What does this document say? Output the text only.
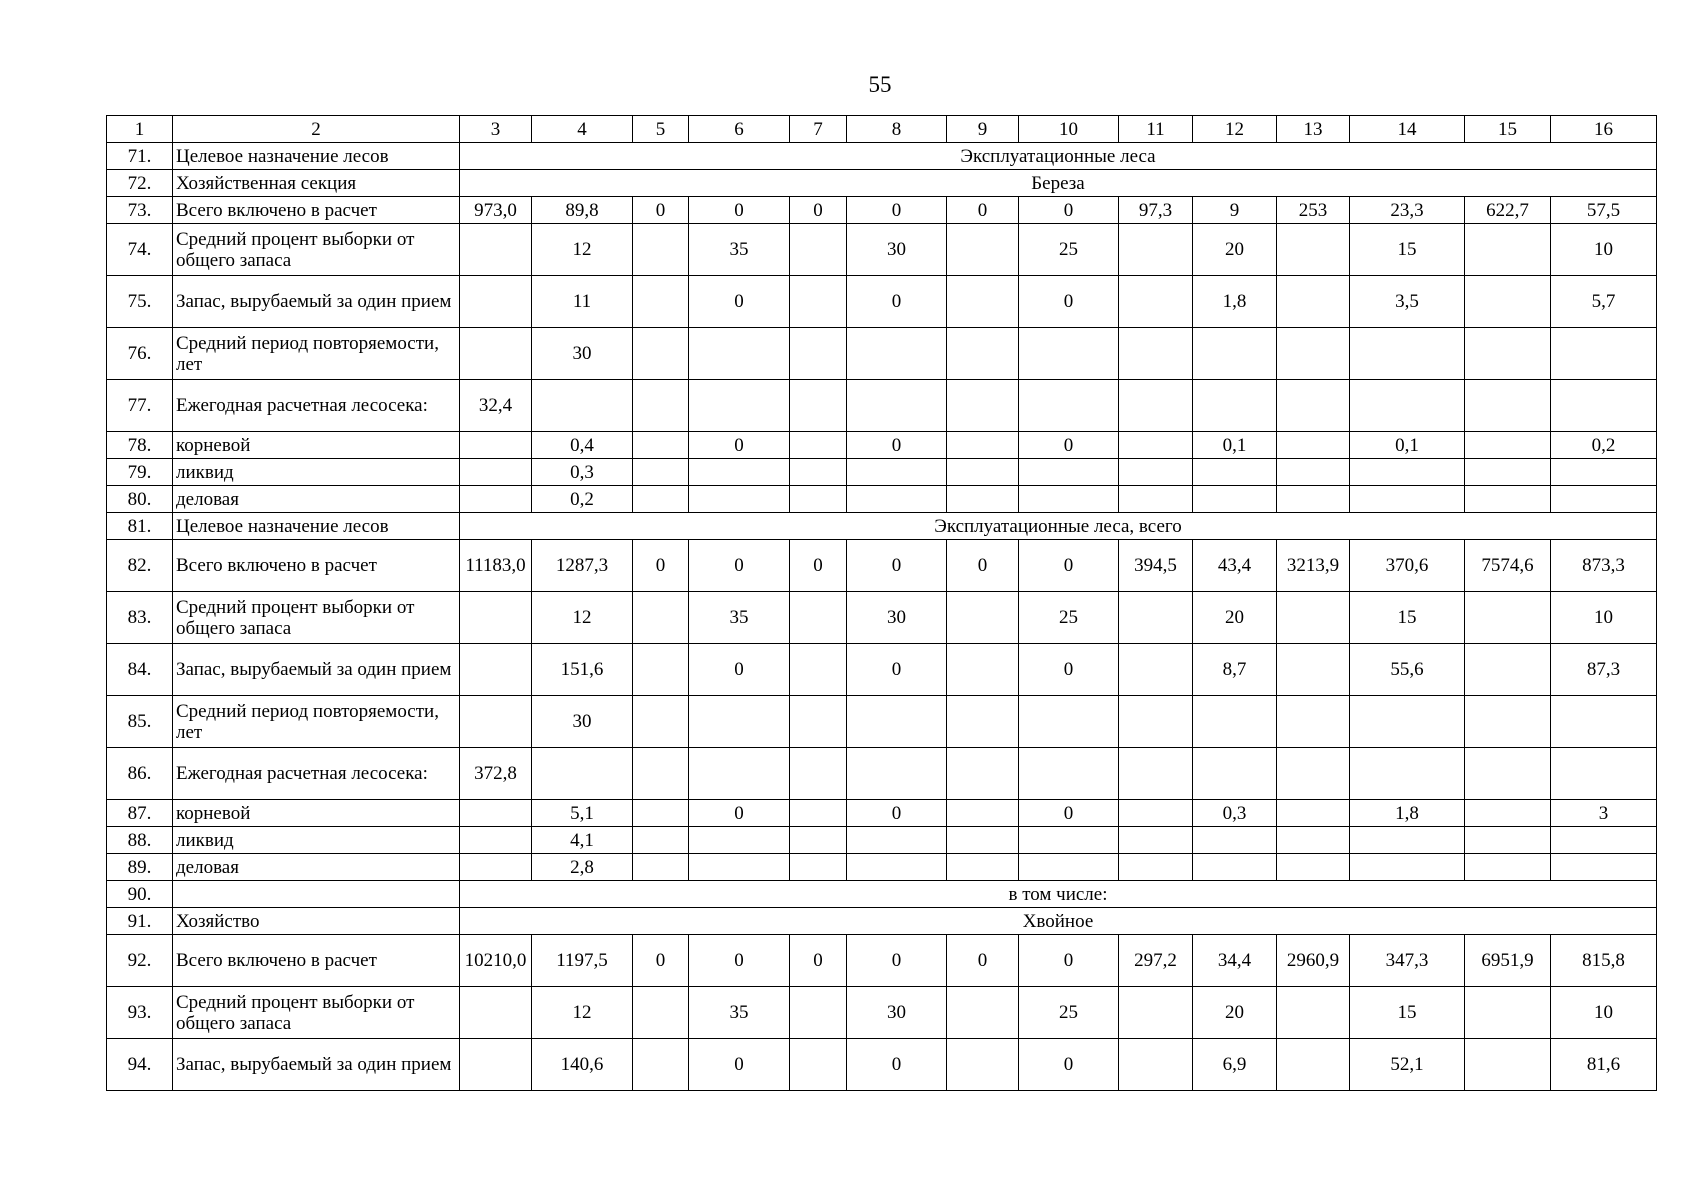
55
1	2	3	4	5	6	7	8	9	10	11	12	13	14	15	16
71.	Целевое назначение лесов	Эксплуатационные леса													
72.	Хозяйственная секция	Береза													
73.	Всего включено в расчет	973,0	89,8	0	0	0	0	0	0	97,3	9	253	23,3	622,7	57,5
74.	Средний процент выборки от общего запаса		12		35		30		25		20		15		10
75.	Запас, вырубаемый за один прием		11		0		0		0		1,8		3,5		5,7
76.	Средний период повторяемости, лет		30												
77.	Ежегодная расчетная лесосека:	32,4													
78.	корневой		0,4		0		0		0		0,1		0,1		0,2
79.	ликвид		0,3												
80.	деловая		0,2												
81.	Целевое назначение лесов	Эксплуатационные леса, всего													
82.	Всего включено в расчет	11183,0	1287,3	0	0	0	0	0	0	394,5	43,4	3213,9	370,6	7574,6	873,3
83.	Средний процент выборки от общего запаса		12		35		30		25		20		15		10
84.	Запас, вырубаемый за один прием		151,6		0		0		0		8,7		55,6		87,3
85.	Средний период повторяемости, лет		30												
86.	Ежегодная расчетная лесосека:	372,8													
87.	корневой		5,1		0		0		0		0,3		1,8		3
88.	ликвид		4,1												
89.	деловая		2,8												
90.		в том числе:													
91.	Хозяйство	Хвойное													
92.	Всего включено в расчет	10210,0	1197,5	0	0	0	0	0	0	297,2	34,4	2960,9	347,3	6951,9	815,8
93.	Средний процент выборки от общего запаса		12		35		30		25		20		15		10
94.	Запас, вырубаемый за один прием		140,6		0		0		0		6,9		52,1		81,6
